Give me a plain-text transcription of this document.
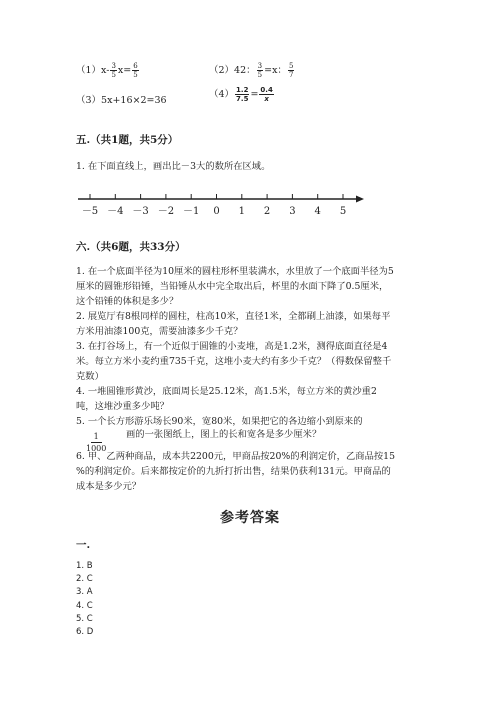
$(1)x- \frac{3}{5} x= \frac{6}{5}$	（2）42： $\frac{3}{5} =x$： $\frac{5}{7}$
（3）5x+16×2=36
$(4) \frac{1.2}{7.5} = \frac{0.4}{x}$
五.（共1题，共5分）
1. 在下面直线上，画出比－3大的数所在区域。
－5 －4 －3 －2 －1 0 1 2 3 4 5
六.（共6题，共33分）
1. 在一个底面半径为10厘米的圆柱形杯里装满水，水里放了一个底面半径为5
厘米的圆锥形铅锤，当铅锤从水中完全取出后，杯里的水面下降了0.5厘米，
这个铅锤的体积是多少？
2. 展览厅有8根同样的圆柱，柱高10米，直径1米，全都刷上油漆，如果每平
方米用油漆100克，需要油漆多少千克？
3. 在打谷场上，有一个近似于圆锥的小麦堆，高是1.2米，测得底面直径是4
米。每立方米小麦约重735千克，这堆小麦大约有多少千克？（得数保留整千
克数）
4. 一堆圆锥形黄沙，底面周长是25.12米，高1.5米，每立方米的黄沙重2
吨，这堆沙重多少吨？
5. 一个长方形游乐场长90米，宽80米，如果把它的各边缩小到原来的
$\frac{1}{1000}$ 画的一张图纸上，图上的长和宽各是多少厘米？
6. 甲、乙两种商品，成本共2200元，甲商品按20%的利润定价，乙商品按15
%的利润定价。后来都按定价的九折打折出售，结果仍获利131元。甲商品的
成本是多少元？
参考答案
一.
1. B
2. C
3. A
4. C
5. C
6. D
